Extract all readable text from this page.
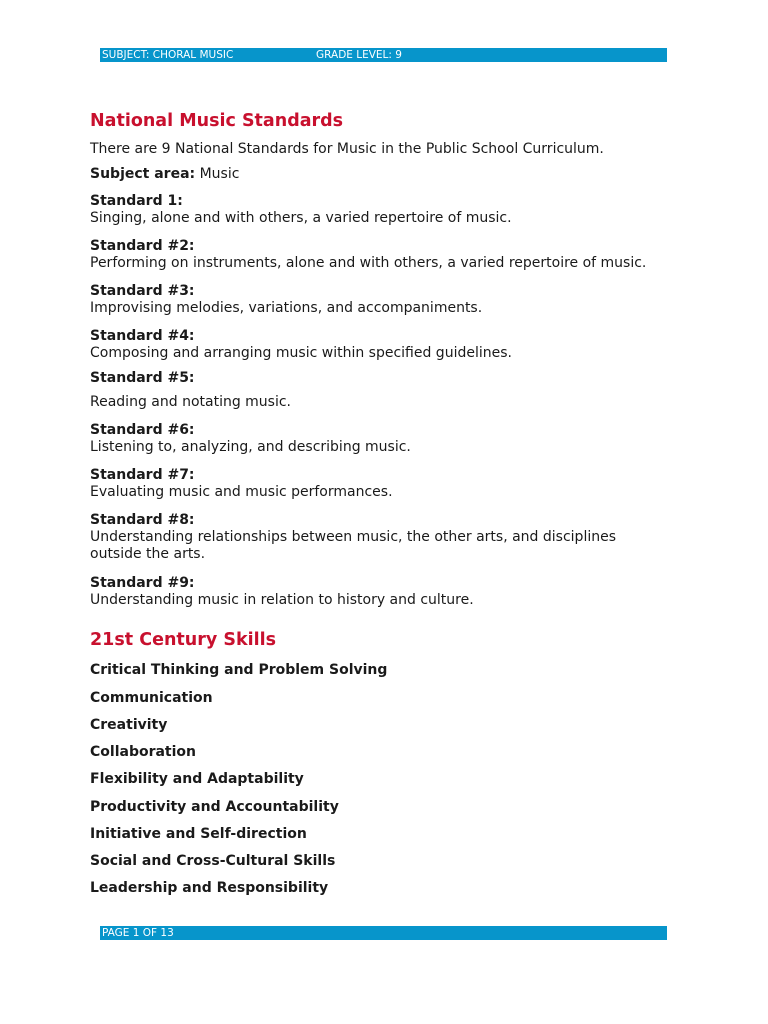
SUBJECT: CHORAL MUSIC	GRADE LEVEL: 9
National Music Standards
There are 9 National Standards for Music in the Public School Curriculum.
Subject area: Music
Standard 1:
Singing, alone and with others, a varied repertoire of music.
Standard #2:
Performing on instruments, alone and with others, a varied repertoire of music.
Standard #3:
Improvising melodies, variations, and accompaniments.
Standard #4:
Composing and arranging music within specified guidelines.
Standard #5:
Reading and notating music.
Standard #6:
Listening to, analyzing, and describing music.
Standard #7:
Evaluating music and music performances.
Standard #8:
Understanding relationships between music, the other arts, and disciplines
outside the arts.
Standard #9:
Understanding music in relation to history and culture.
21st Century Skills
Critical Thinking and Problem Solving
Communication
Creativity
Collaboration
Flexibility and Adaptability
Productivity and Accountability
Initiative and Self-direction
Social and Cross-Cultural Skills
Leadership and Responsibility
PAGE 1 OF 13
